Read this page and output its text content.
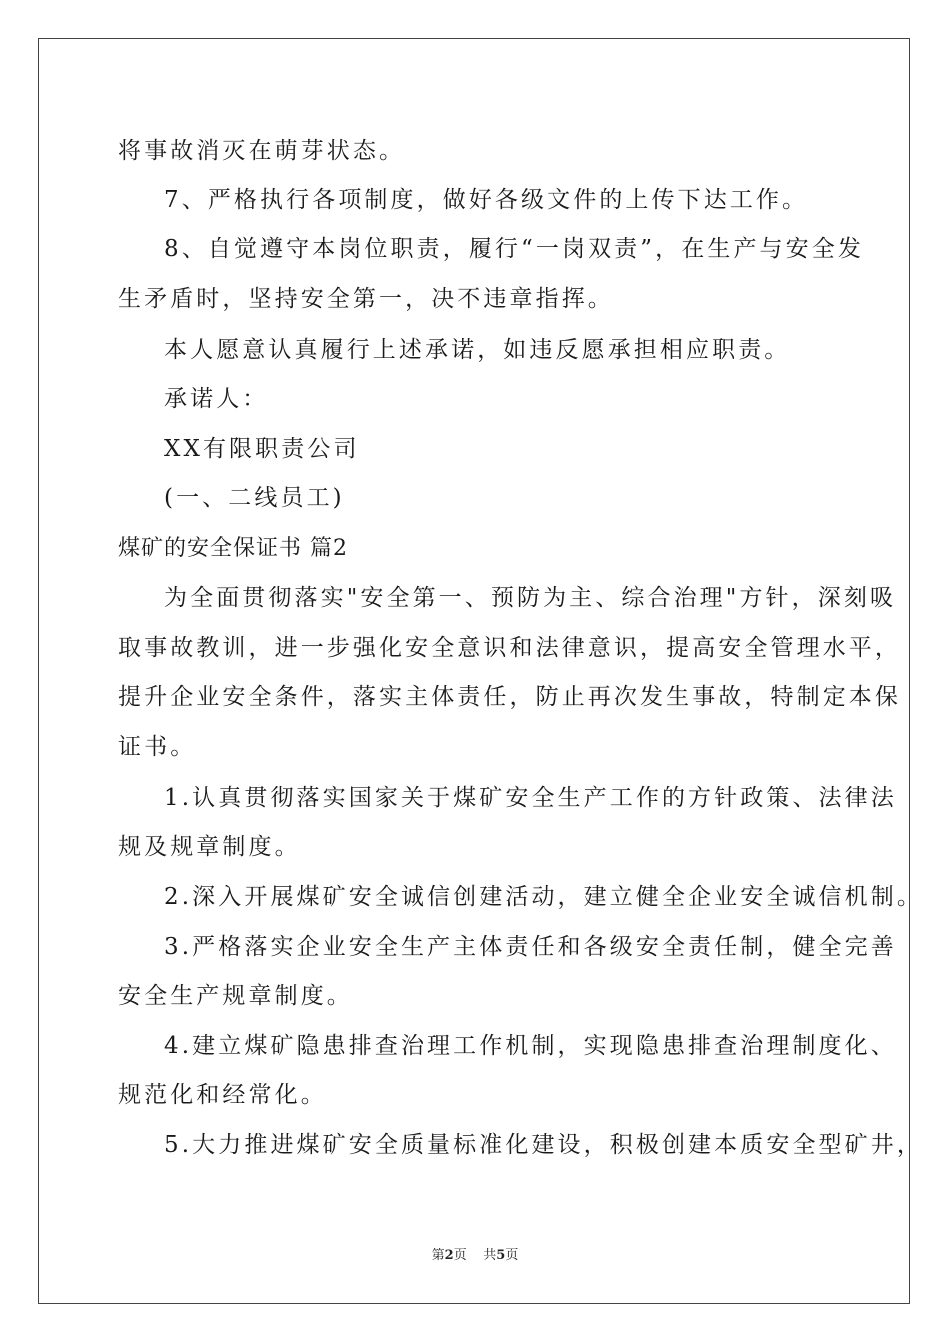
将事故消灭在萌芽状态。
7、严格执行各项制度，做好各级文件的上传下达工作。
8、自觉遵守本岗位职责，履行“一岗双责”，在生产与安全发
生矛盾时，坚持安全第一，决不违章指挥。
本人愿意认真履行上述承诺，如违反愿承担相应职责。
承诺人：
XX有限职责公司
(一、二线员工)
煤矿的安全保证书 篇2
为全面贯彻落实"安全第一、预防为主、综合治理"方针，深刻吸
取事故教训，进一步强化安全意识和法律意识，提高安全管理水平，
提升企业安全条件，落实主体责任，防止再次发生事故，特制定本保
证书。
1.认真贯彻落实国家关于煤矿安全生产工作的方针政策、法律法
规及规章制度。
2.深入开展煤矿安全诚信创建活动，建立健全企业安全诚信机制。
3.严格落实企业安全生产主体责任和各级安全责任制，健全完善
安全生产规章制度。
4.建立煤矿隐患排查治理工作机制，实现隐患排查治理制度化、
规范化和经常化。
5.大力推进煤矿安全质量标准化建设，积极创建本质安全型矿井，
第2页 共5页
